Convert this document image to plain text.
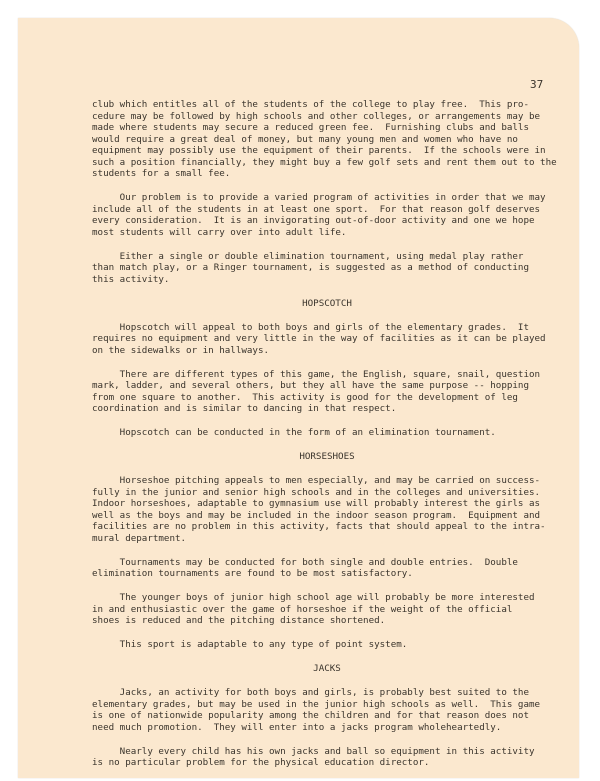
37
club which entitles all of the students of the college to play free.  This pro-
cedure may be followed by high schools and other colleges, or arrangements may be
made where students may secure a reduced green fee.  Furnishing clubs and balls
would require a great deal of money, but many young men and women who have no
equipment may possibly use the equipment of their parents.  If the schools were in
such a position financially, they might buy a few golf sets and rent them out to the
students for a small fee.
Our problem is to provide a varied program of activities in order that we may
include all of the students in at least one sport.  For that reason golf deserves
every consideration.  It is an invigorating out-of-door activity and one we hope
most students will carry over into adult life.
Either a single or double elimination tournament, using medal play rather
than match play, or a Ringer tournament, is suggested as a method of conducting
this activity.
HOPSCOTCH
Hopscotch will appeal to both boys and girls of the elementary grades.  It
requires no equipment and very little in the way of facilities as it can be played
on the sidewalks or in hallways.
There are different types of this game, the English, square, snail, question
mark, ladder, and several others, but they all have the same purpose -- hopping
from one square to another.  This activity is good for the development of leg
coordination and is similar to dancing in that respect.
Hopscotch can be conducted in the form of an elimination tournament.
HORSESHOES
Horseshoe pitching appeals to men especially, and may be carried on success-
fully in the junior and senior high schools and in the colleges and universities.
Indoor horseshoes, adaptable to gymnasium use will probably interest the girls as
well as the boys and may be included in the indoor season program.  Equipment and
facilities are no problem in this activity, facts that should appeal to the intra-
mural department.
Tournaments may be conducted for both single and double entries.  Double
elimination tournaments are found to be most satisfactory.
The younger boys of junior high school age will probably be more interested
in and enthusiastic over the game of horseshoe if the weight of the official
shoes is reduced and the pitching distance shortened.
This sport is adaptable to any type of point system.
JACKS
Jacks, an activity for both boys and girls, is probably best suited to the
elementary grades, but may be used in the junior high schools as well.  This game
is one of nationwide popularity among the children and for that reason does not
need much promotion.  They will enter into a jacks program wholeheartedly.
Nearly every child has his own jacks and ball so equipment in this activity
is no particular problem for the physical education director.
